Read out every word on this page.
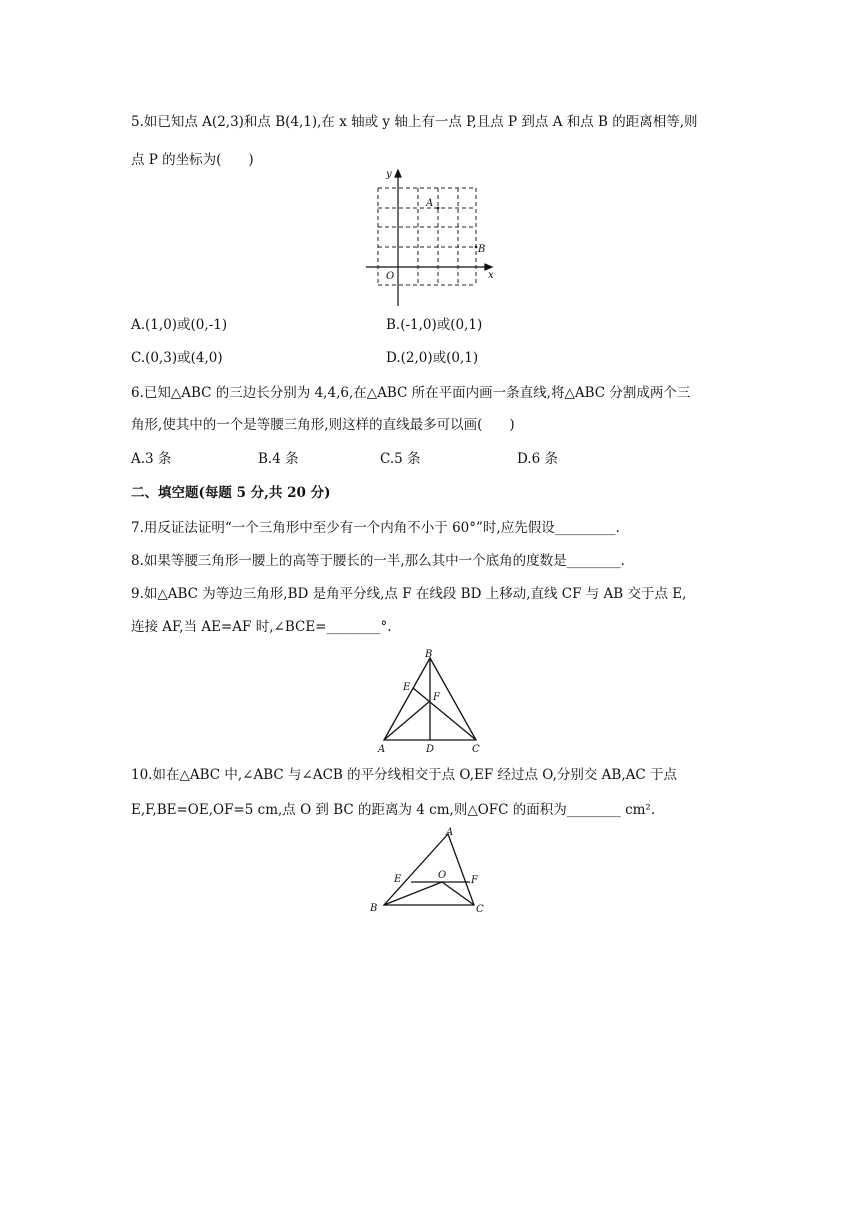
5.如已知点 A(2,3)和点 B(4,1),在 x 轴或 y 轴上有一点 P,且点 P 到点 A 和点 B 的距离相等,则
点 P 的坐标为(　　)
y
x
O
A
B
A.(1,0)或(0,-1)	B.(-1,0)或(0,1)
C.(0,3)或(4,0)	D.(2,0)或(0,1)
6.已知△ABC 的三边长分别为 4,4,6,在△ABC 所在平面内画一条直线,将△ABC 分割成两个三
角形,使其中的一个是等腰三角形,则这样的直线最多可以画(　　)
A.3 条	B.4 条	C.5 条	D.6 条
二、填空题(每题 5 分,共 20 分)
7.用反证法证明“一个三角形中至少有一个内角不小于 60°”时,应先假设_________.
8.如果等腰三角形一腰上的高等于腰长的一半,那么其中一个底角的度数是________.
9.如△ABC 为等边三角形,BD 是角平分线,点 F 在线段 BD 上移动,直线 CF 与 AB 交于点 E,
连接 AF,当 AE=AF 时,∠BCE=________°.
B
E
F
A	D	C
10.如在△ABC 中,∠ABC 与∠ACB 的平分线相交于点 O,EF 经过点 O,分别交 AB,AC 于点
E,F,BE=OE,OF=5 cm,点 O 到 BC 的距离为 4 cm,则△OFC 的面积为________ cm².
A
E	O F
B	C
